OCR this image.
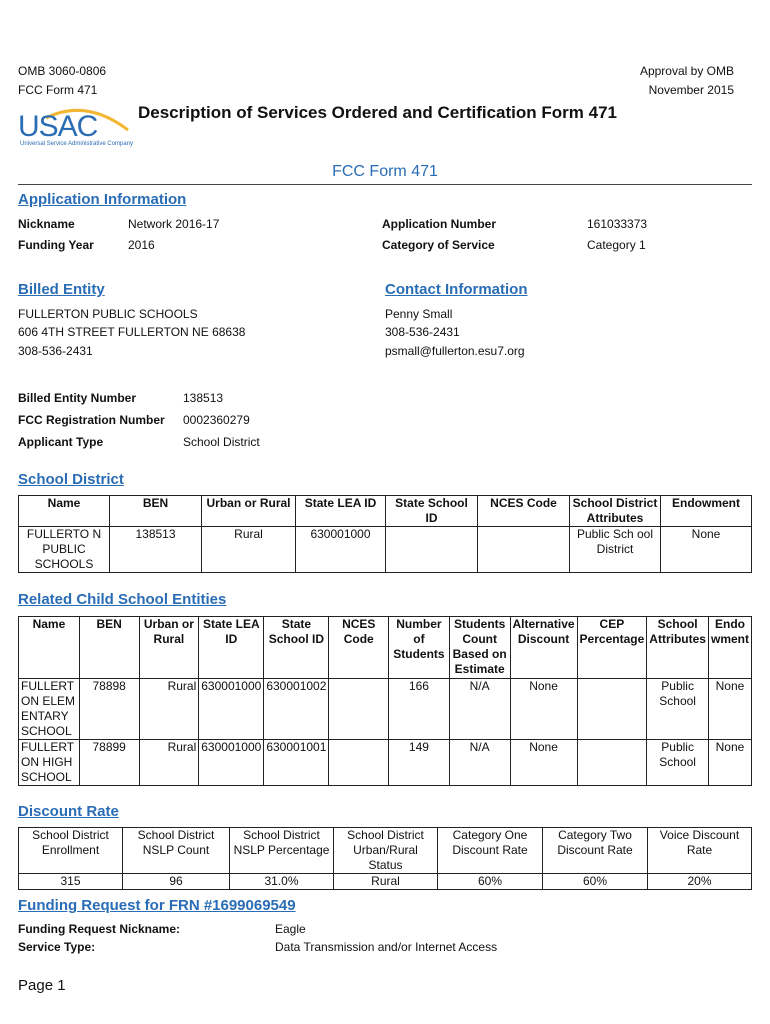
OMB 3060-0806
FCC Form 471
Approval by OMB
November 2015
USAC
Universal Service Administrative Company
Description of Services Ordered and Certification Form 471
FCC Form 471
Application Information
Nickname	Network 2016-17	Application Number	161033373
Funding Year	2016	Category of Service	Category 1
Billed Entity	Contact Information
FULLERTON PUBLIC SCHOOLS
606 4TH STREET FULLERTON NE 68638
308-536-2431
Penny Small
308-536-2431
psmall@fullerton.esu7.org
Billed Entity Number	138513
FCC Registration Number 0002360279
Applicant Type	School District
School District
Name	BEN	Urban or Rural	State LEA ID	State School ID	NCES Code	School District Attributes	Endowment
FULLERTO N PUBLIC SCHOOLS	138513	Rural	630001000			Public Sch ool District	None
Related Child School Entities
Name	BEN	Urban or Rural	State LEA ID	State School ID	NCES Code	Number of Students	Students Count Based on Estimate	Alternative Discount	CEP Percentage	School Attributes	Endo wment
FULLERT ON ELEM ENTARY SCHOOL	78898	Rural	630001000	630001002		166	N/A	None		Public School	None
FULLERT ON HIGH SCHOOL	78899	Rural	630001000	630001001		149	N/A	None		Public School	None
Discount Rate
School District Enrollment	School District NSLP Count	School District NSLP Percentage	School District Urban/Rural Status	Category One Discount Rate	Category Two Discount Rate	Voice Discount Rate
315	96	31.0%	Rural	60%	60%	20%
Funding Request for FRN #1699069549
Funding Request Nickname:	Eagle
Service Type:	Data Transmission and/or Internet Access
Page 1
